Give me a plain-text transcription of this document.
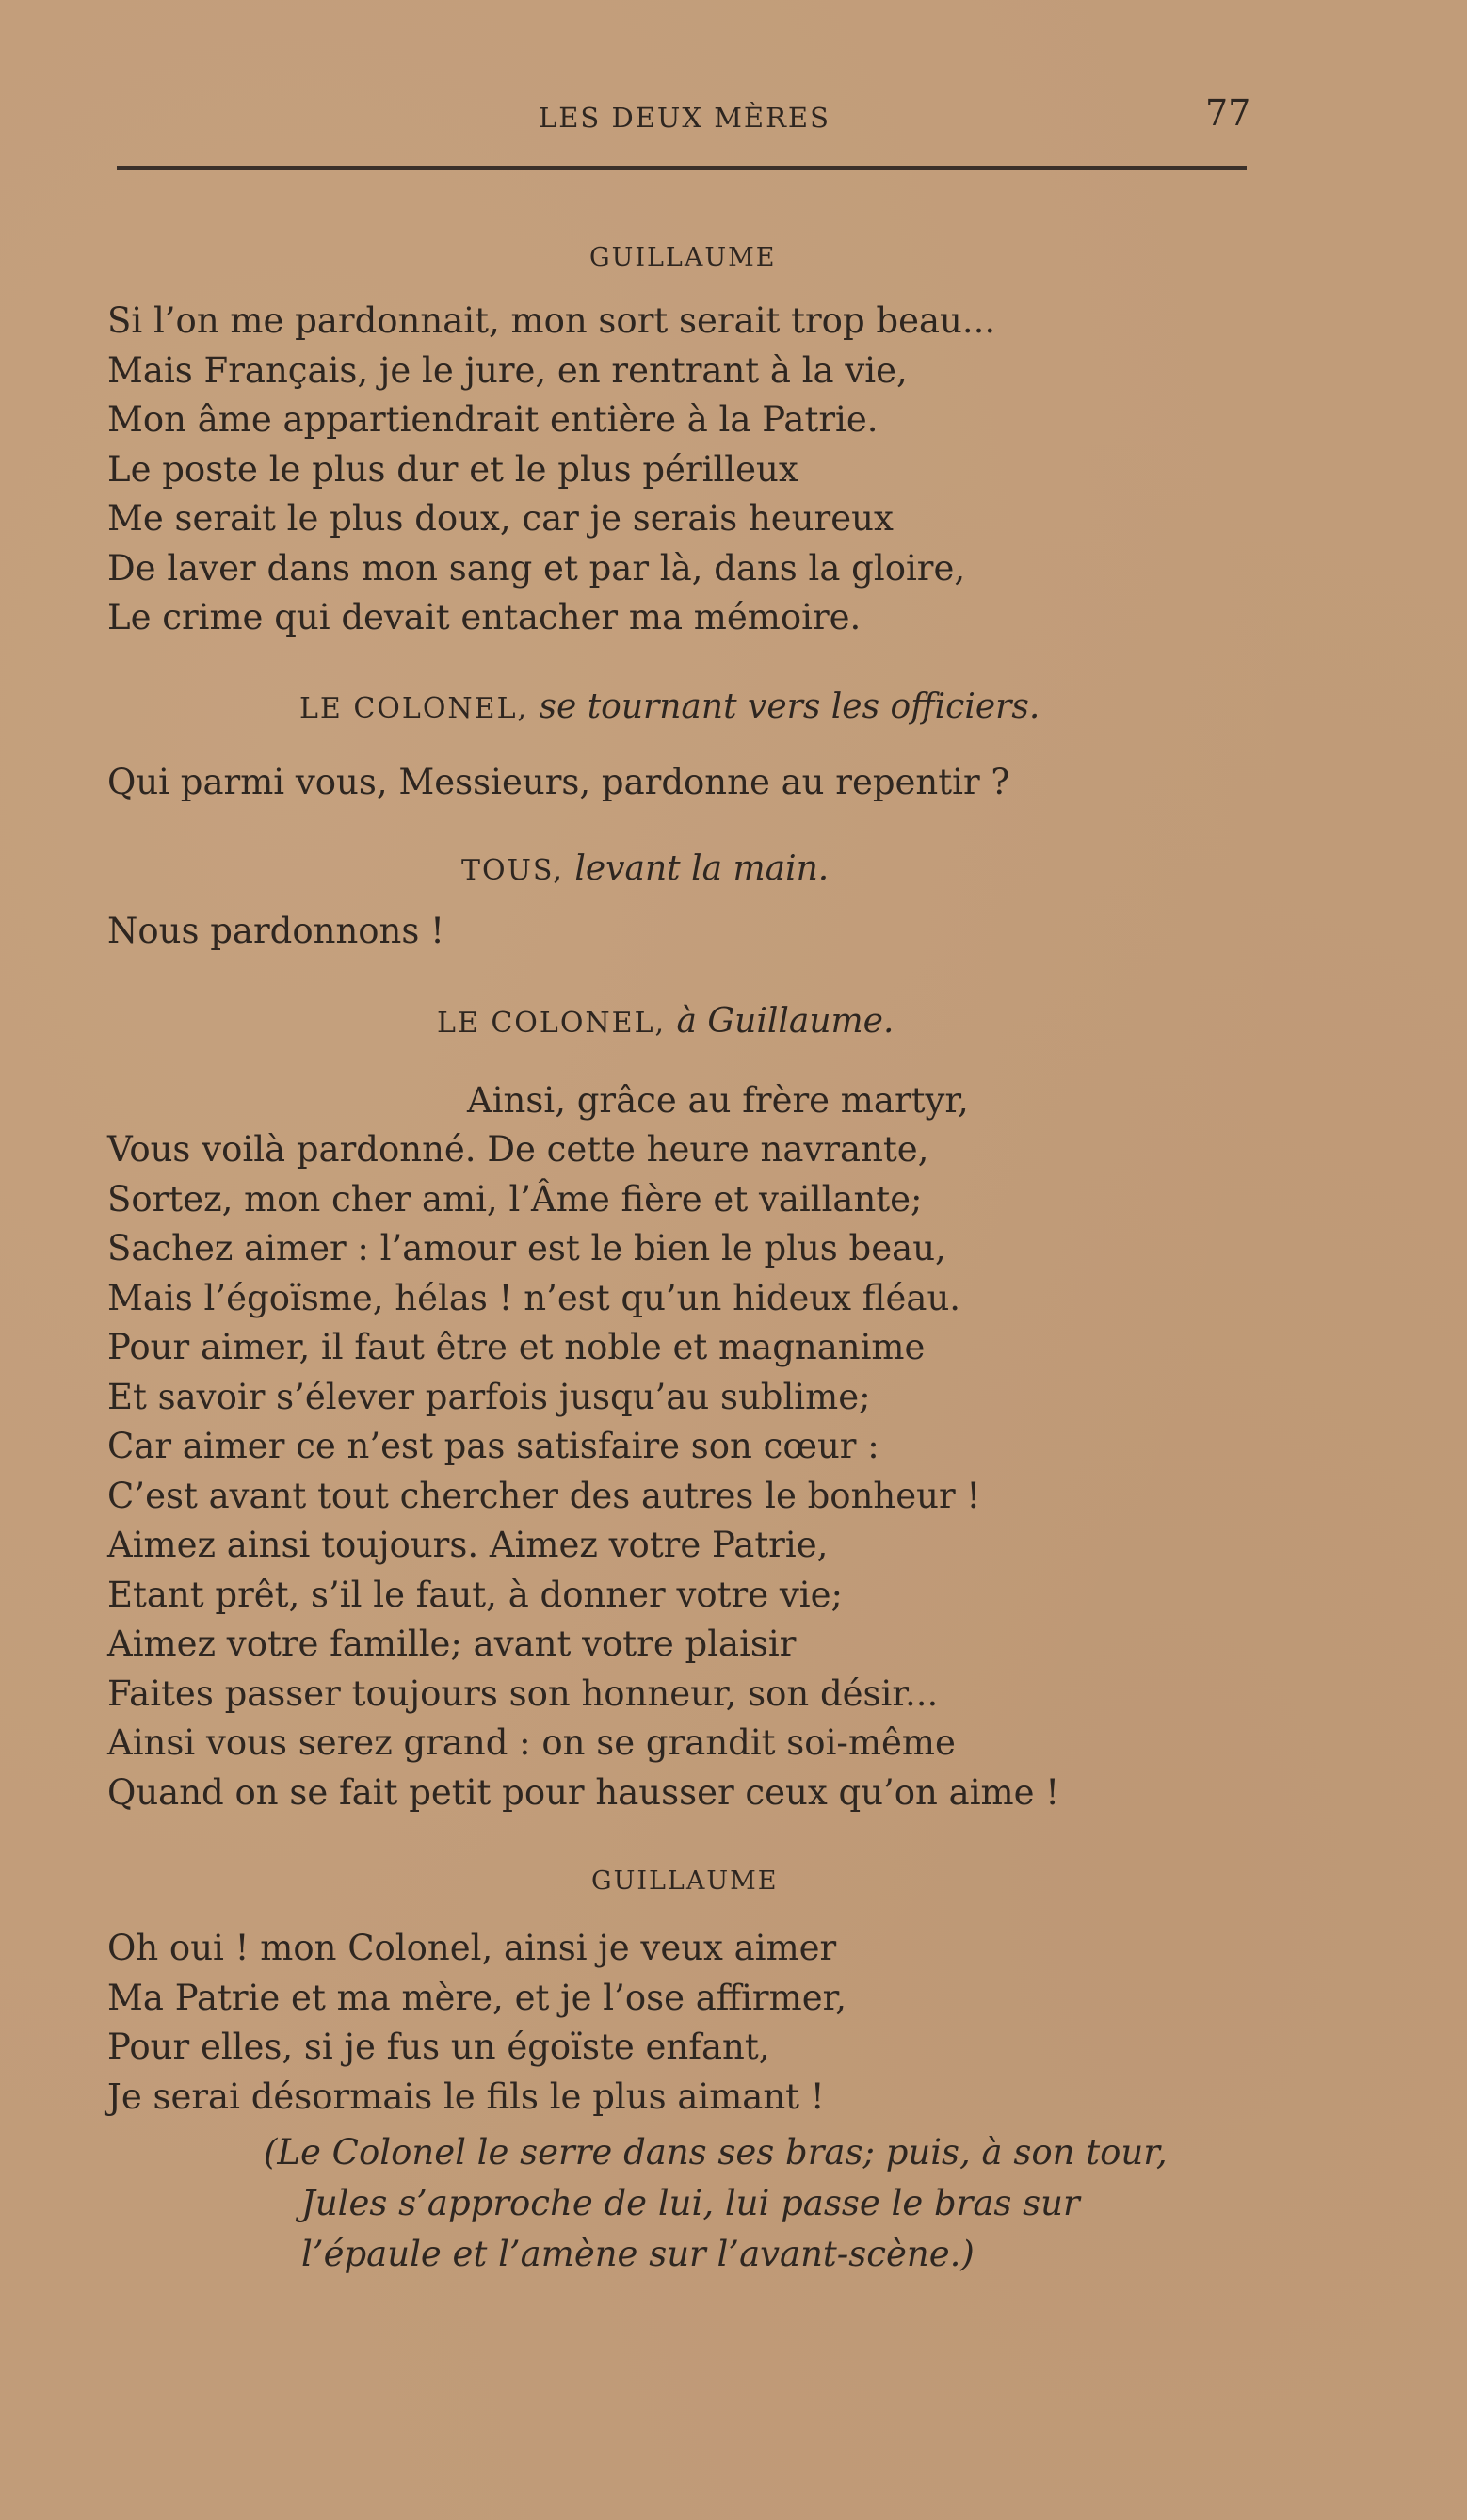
LES DEUX MÈRES	77
GUILLAUME
Si l’on me pardonnait, mon sort serait trop beau...
Mais Français, je le jure, en rentrant à la vie,
Mon âme appartiendrait entière à la Patrie.
Le poste le plus dur et le plus périlleux
Me serait le plus doux, car je serais heureux
De laver dans mon sang et par là, dans la gloire,
Le crime qui devait entacher ma mémoire.
LE COLONEL, se tournant vers les officiers.
Qui parmi vous, Messieurs, pardonne au repentir ?
TOUS, levant la main.
Nous pardonnons !
LE COLONEL, à Guillaume.
Ainsi, grâce au frère martyr,
Vous voilà pardonné. De cette heure navrante,
Sortez, mon cher ami, l’Âme fière et vaillante;
Sachez aimer : l’amour est le bien le plus beau,
Mais l’égoïsme, hélas ! n’est qu’un hideux fléau.
Pour aimer, il faut être et noble et magnanime
Et savoir s’élever parfois jusqu’au sublime;
Car aimer ce n’est pas satisfaire son cœur :
C’est avant tout chercher des autres le bonheur !
Aimez ainsi toujours. Aimez votre Patrie,
Etant prêt, s’il le faut, à donner votre vie;
Aimez votre famille; avant votre plaisir
Faites passer toujours son honneur, son désir...
Ainsi vous serez grand : on se grandit soi-même
Quand on se fait petit pour hausser ceux qu’on aime !
GUILLAUME
Oh oui ! mon Colonel, ainsi je veux aimer
Ma Patrie et ma mère, et je l’ose affirmer,
Pour elles, si je fus un égoïste enfant,
Je serai désormais le fils le plus aimant !
(Le Colonel le serre dans ses bras; puis, à son tour,
Jules s’approche de lui, lui passe le bras sur
l’épaule et l’amène sur l’avant-scène.)
